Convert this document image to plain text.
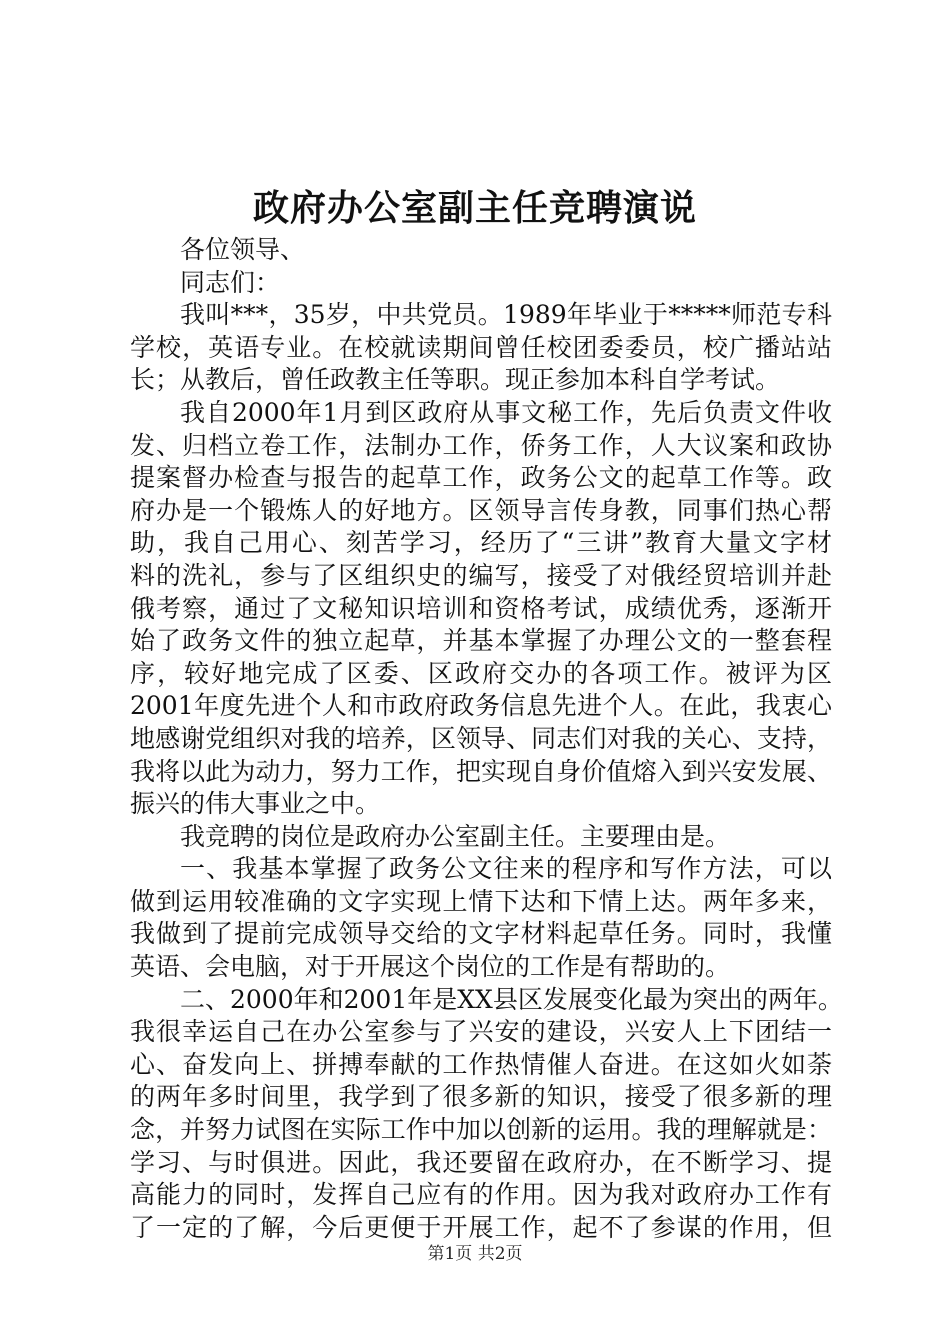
政府办公室副主任竞聘演说
各位领导、
同志们：
我叫***，35岁，中共党员。1989年毕业于*****师范专科
学校，英语专业。在校就读期间曾任校团委委员，校广播站站
长；从教后，曾任政教主任等职。现正参加本科自学考试。
我自2000年1月到区政府从事文秘工作，先后负责文件收
发、归档立卷工作，法制办工作，侨务工作，人大议案和政协
提案督办检查与报告的起草工作，政务公文的起草工作等。政
府办是一个锻炼人的好地方。区领导言传身教，同事们热心帮
助，我自己用心、刻苦学习，经历了“三讲”教育大量文字材
料的洗礼，参与了区组织史的编写，接受了对俄经贸培训并赴
俄考察，通过了文秘知识培训和资格考试，成绩优秀，逐渐开
始了政务文件的独立起草，并基本掌握了办理公文的一整套程
序，较好地完成了区委、区政府交办的各项工作。被评为区
2001年度先进个人和市政府政务信息先进个人。在此，我衷心
地感谢党组织对我的培养，区领导、同志们对我的关心、支持，
我将以此为动力，努力工作，把实现自身价值熔入到兴安发展、
振兴的伟大事业之中。
我竞聘的岗位是政府办公室副主任。主要理由是。
一、我基本掌握了政务公文往来的程序和写作方法，可以
做到运用较准确的文字实现上情下达和下情上达。两年多来，
我做到了提前完成领导交给的文字材料起草任务。同时，我懂
英语、会电脑，对于开展这个岗位的工作是有帮助的。
二、2000年和2001年是XX县区发展变化最为突出的两年。
我很幸运自己在办公室参与了兴安的建设，兴安人上下团结一
心、奋发向上、拼搏奉献的工作热情催人奋进。在这如火如荼
的两年多时间里，我学到了很多新的知识，接受了很多新的理
念，并努力试图在实际工作中加以创新的运用。我的理解就是：
学习、与时俱进。因此，我还要留在政府办，在不断学习、提
高能力的同时，发挥自己应有的作用。因为我对政府办工作有
了一定的了解，今后更便于开展工作，起不了参谋的作用，但
第1页 共2页
